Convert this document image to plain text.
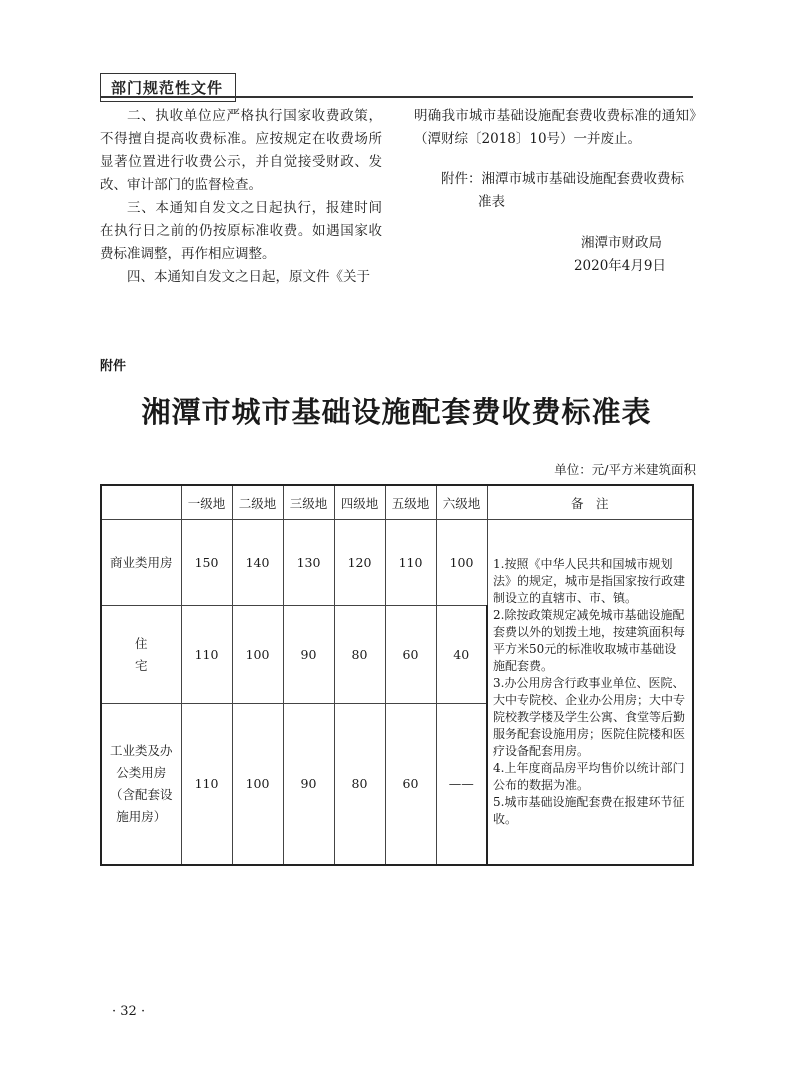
部门规范性文件

二、执收单位应严格执行国家收费政策，不得擅自提高收费标准。应按规定在收费场所显著位置进行收费公示，并自觉接受财政、发改、审计部门的监督检查。

三、本通知自发文之日起执行，报建时间在执行日之前的仍按原标准收费。如遇国家收费标准调整，再作相应调整。

四、本通知自发文之日起，原文件《关于

明确我市城市基础设施配套费收费标准的通知》（潭财综〔2018〕10号）一并废止。

附件：湘潭市城市基础设施配套费收费标

准表

湘潭市财政局

2020年4月9日

附件
湘潭市城市基础设施配套费收费标准表
单位：元/平方米建筑面积
	一级地	二级地	三级地	四级地	五级地	六级地	备　注
商业类用房	150	140	130	120	110	100	1.按照《中华人民共和国城市规划法》的规定，城市是指国家按行政建制设立的直辖市、市、镇。
2.除按政策规定减免城市基础设施配套费以外的划拨土地，按建筑面积每平方米50元的标准收取城市基础设施配套费。
3.办公用房含行政事业单位、医院、大中专院校、企业办公用房；大中专院校教学楼及学生公寓、食堂等后勤服务配套设施用房；医院住院楼和医疗设备配套用房。
4.上年度商品房平均售价以统计部门公布的数据为准。
5.城市基础设施配套费在报建环节征收。

住宅	110	100	90	80	60	40	

工业类及办
公类用房
（含配套设
施用房）	110	100	90	80	60	——	
· 32 ·
